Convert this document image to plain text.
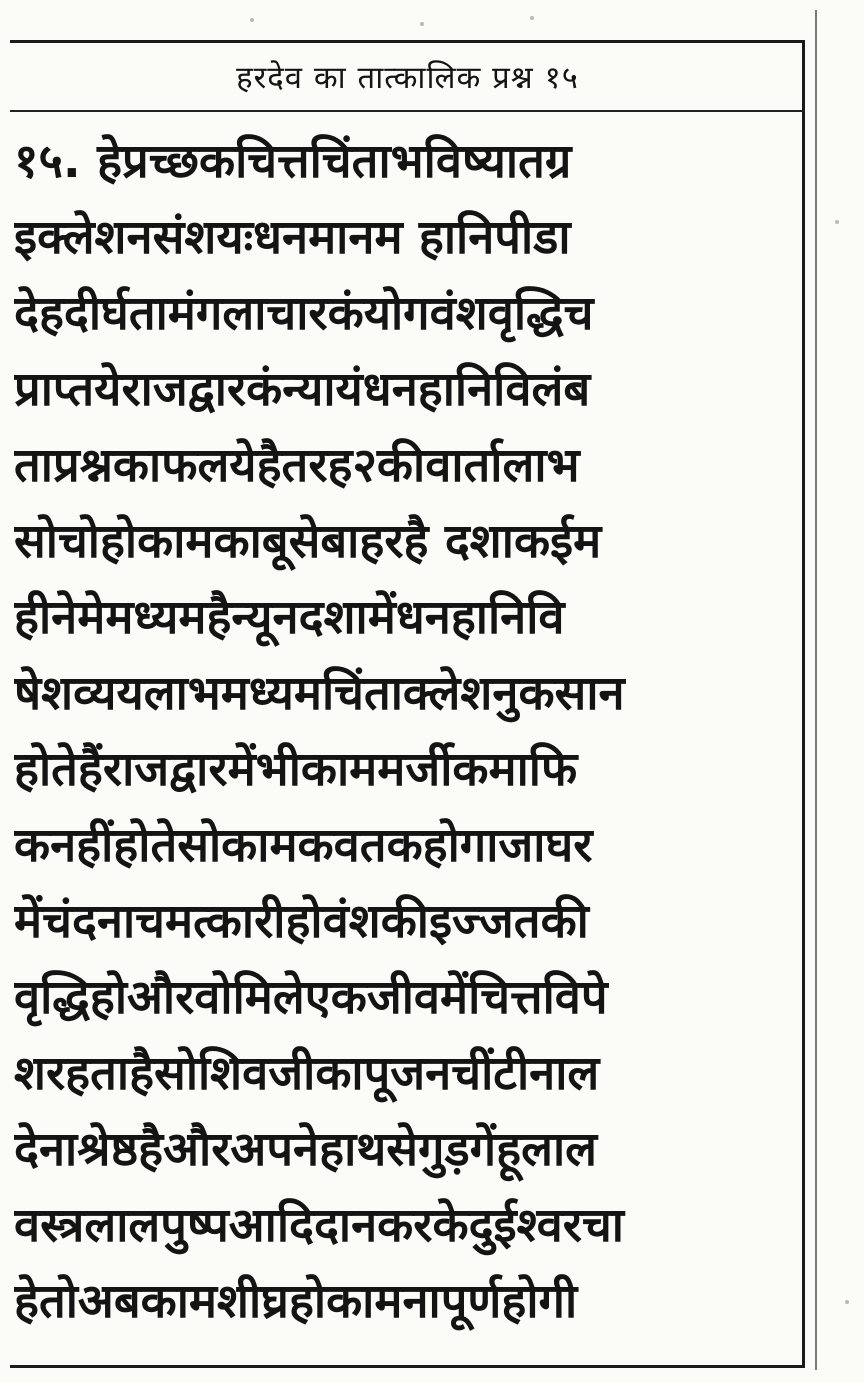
हरदेव का तात्कालिक प्रश्न १५
१५. हेप्रच्छकचित्तचिंताभविष्यातग्र
इक्लेशनसंशयःधनमानम हानिपीडा
देहदीर्घतामंगलाचारकंयोगवंशवृद्धिच
प्राप्तयेराजद्वारकंन्यायंधनहानिविलंब
ताप्रश्नकाफलयेहैतरह२कीवार्तालाभ
सोचोहोकामकाबूसेबाहरहै दशाकईम
हीनेमेमध्यमहैन्यूनदशामेंधनहानिवि
षेशव्ययलाभमध्यमचिंताक्लेशनुकसान
होतेहैंराजद्वारमेंभीकाममर्जीकमाफि
कनहींहोतेसोकामकवतकहोगाजाघर
मेंचंदनाचमत्कारीहोवंशकीइज्जतकी
वृद्धिहोऔरवोमिलेएकजीवमेंचित्तविपे
शरहताहैसोशिवजीकापूजनचींटीनाल
देनाश्रेष्ठहैऔरअपनेहाथसेगुड़गेंहूलाल
वस्त्रलालपुष्पआदिदानकरकेदुईश्वरचा
हेतोअबकामशीघ्रहोकामनापूर्णहोगी
